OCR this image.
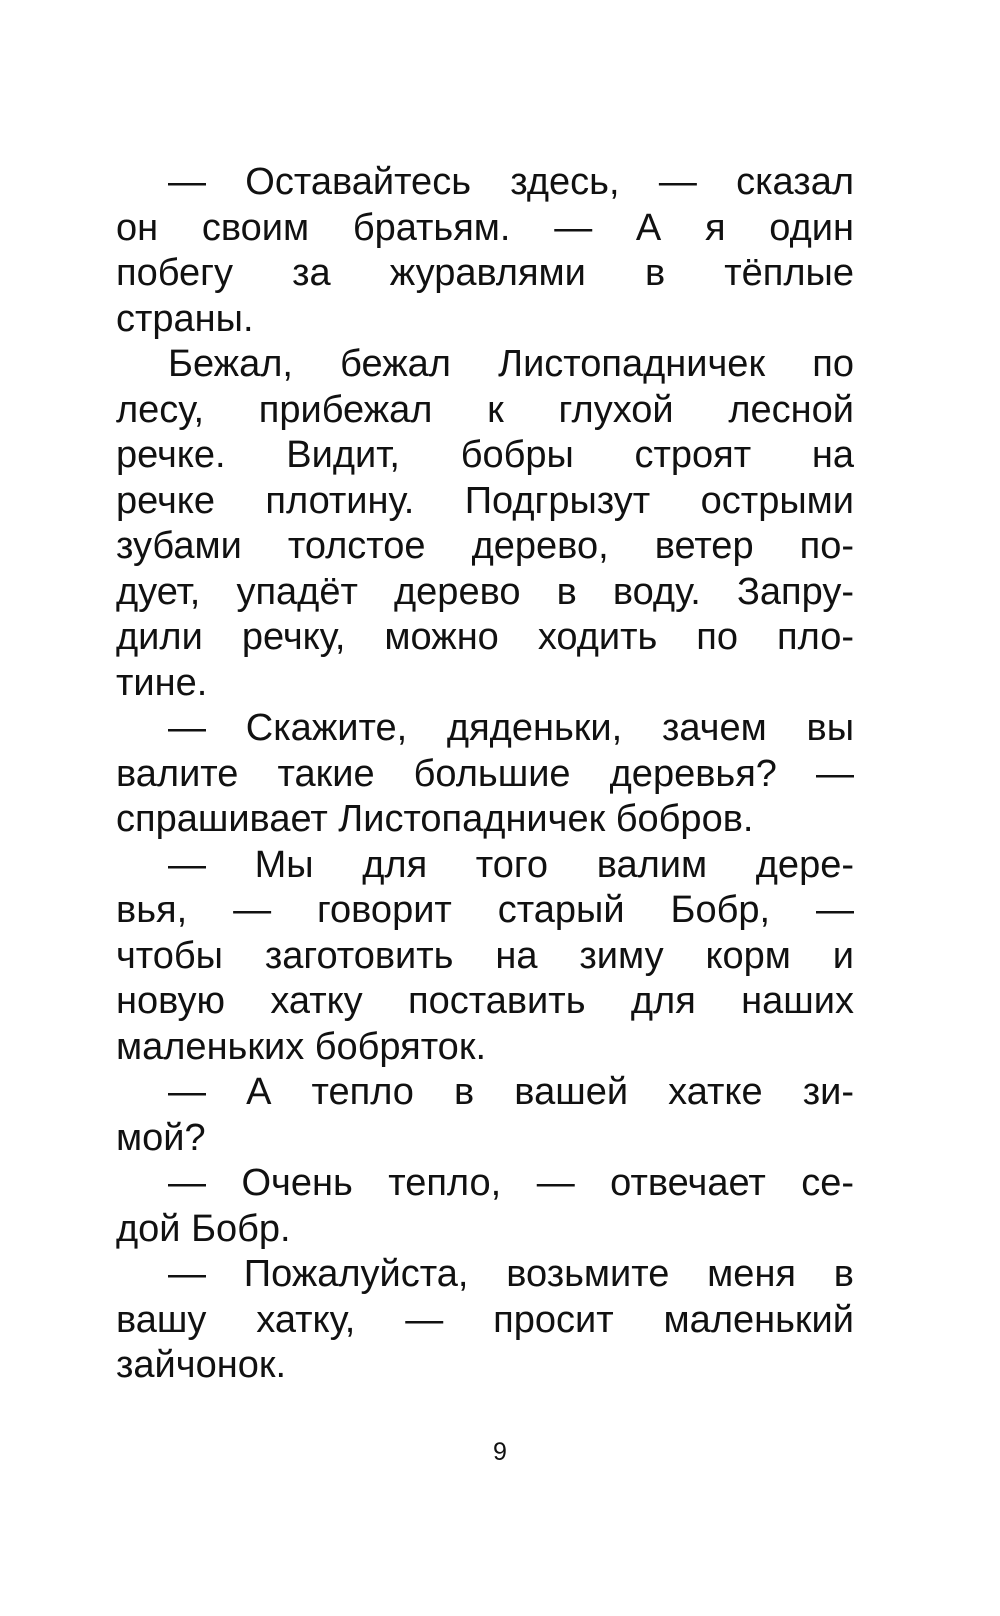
— Оставайтесь здесь, — сказал
он своим братьям. — А я один
побегу за журавлями в тёплые
страны.
Бежал, бежал Листопадничек по
лесу, прибежал к глухой лесной
речке. Видит, бобры строят на
речке плотину. Подгрызут острыми
зубами толстое дерево, ветер по-
дует, упадёт дерево в воду. Запру-
дили речку, можно ходить по пло-
тине.
— Скажите, дяденьки, зачем вы
валите такие большие деревья? —
спрашивает Листопадничек бобров.
— Мы для того валим дере-
вья, — говорит старый Бобр, —
чтобы заготовить на зиму корм и
новую хатку поставить для наших
маленьких бобряток.
— А тепло в вашей хатке зи-
мой?
— Очень тепло, — отвечает се-
дой Бобр.
— Пожалуйста, возьмите меня в
вашу хатку, — просит маленький
зайчонок.
9
